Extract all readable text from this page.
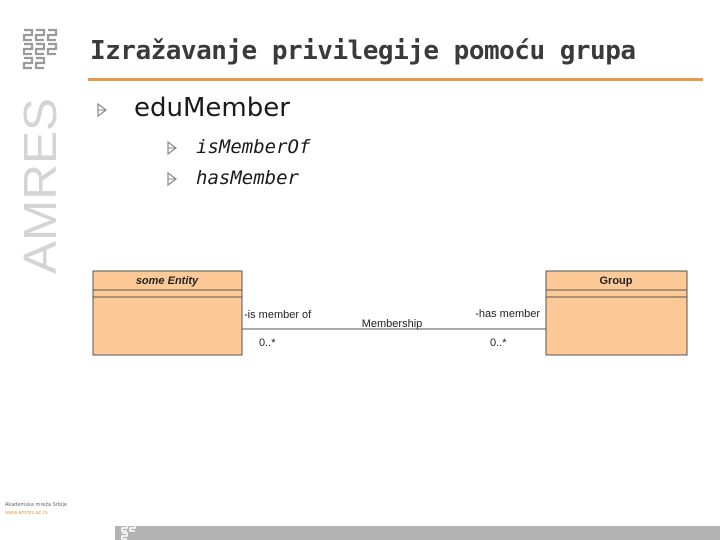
AMRES
Izražavanje privilegije pomoću grupa
eduMember
isMemberOf
hasMember
some Entity	Group
-is member of
Membership
-has member
0..*	0..*
Akademska mreža Srbije
www.amres.ac.rs
